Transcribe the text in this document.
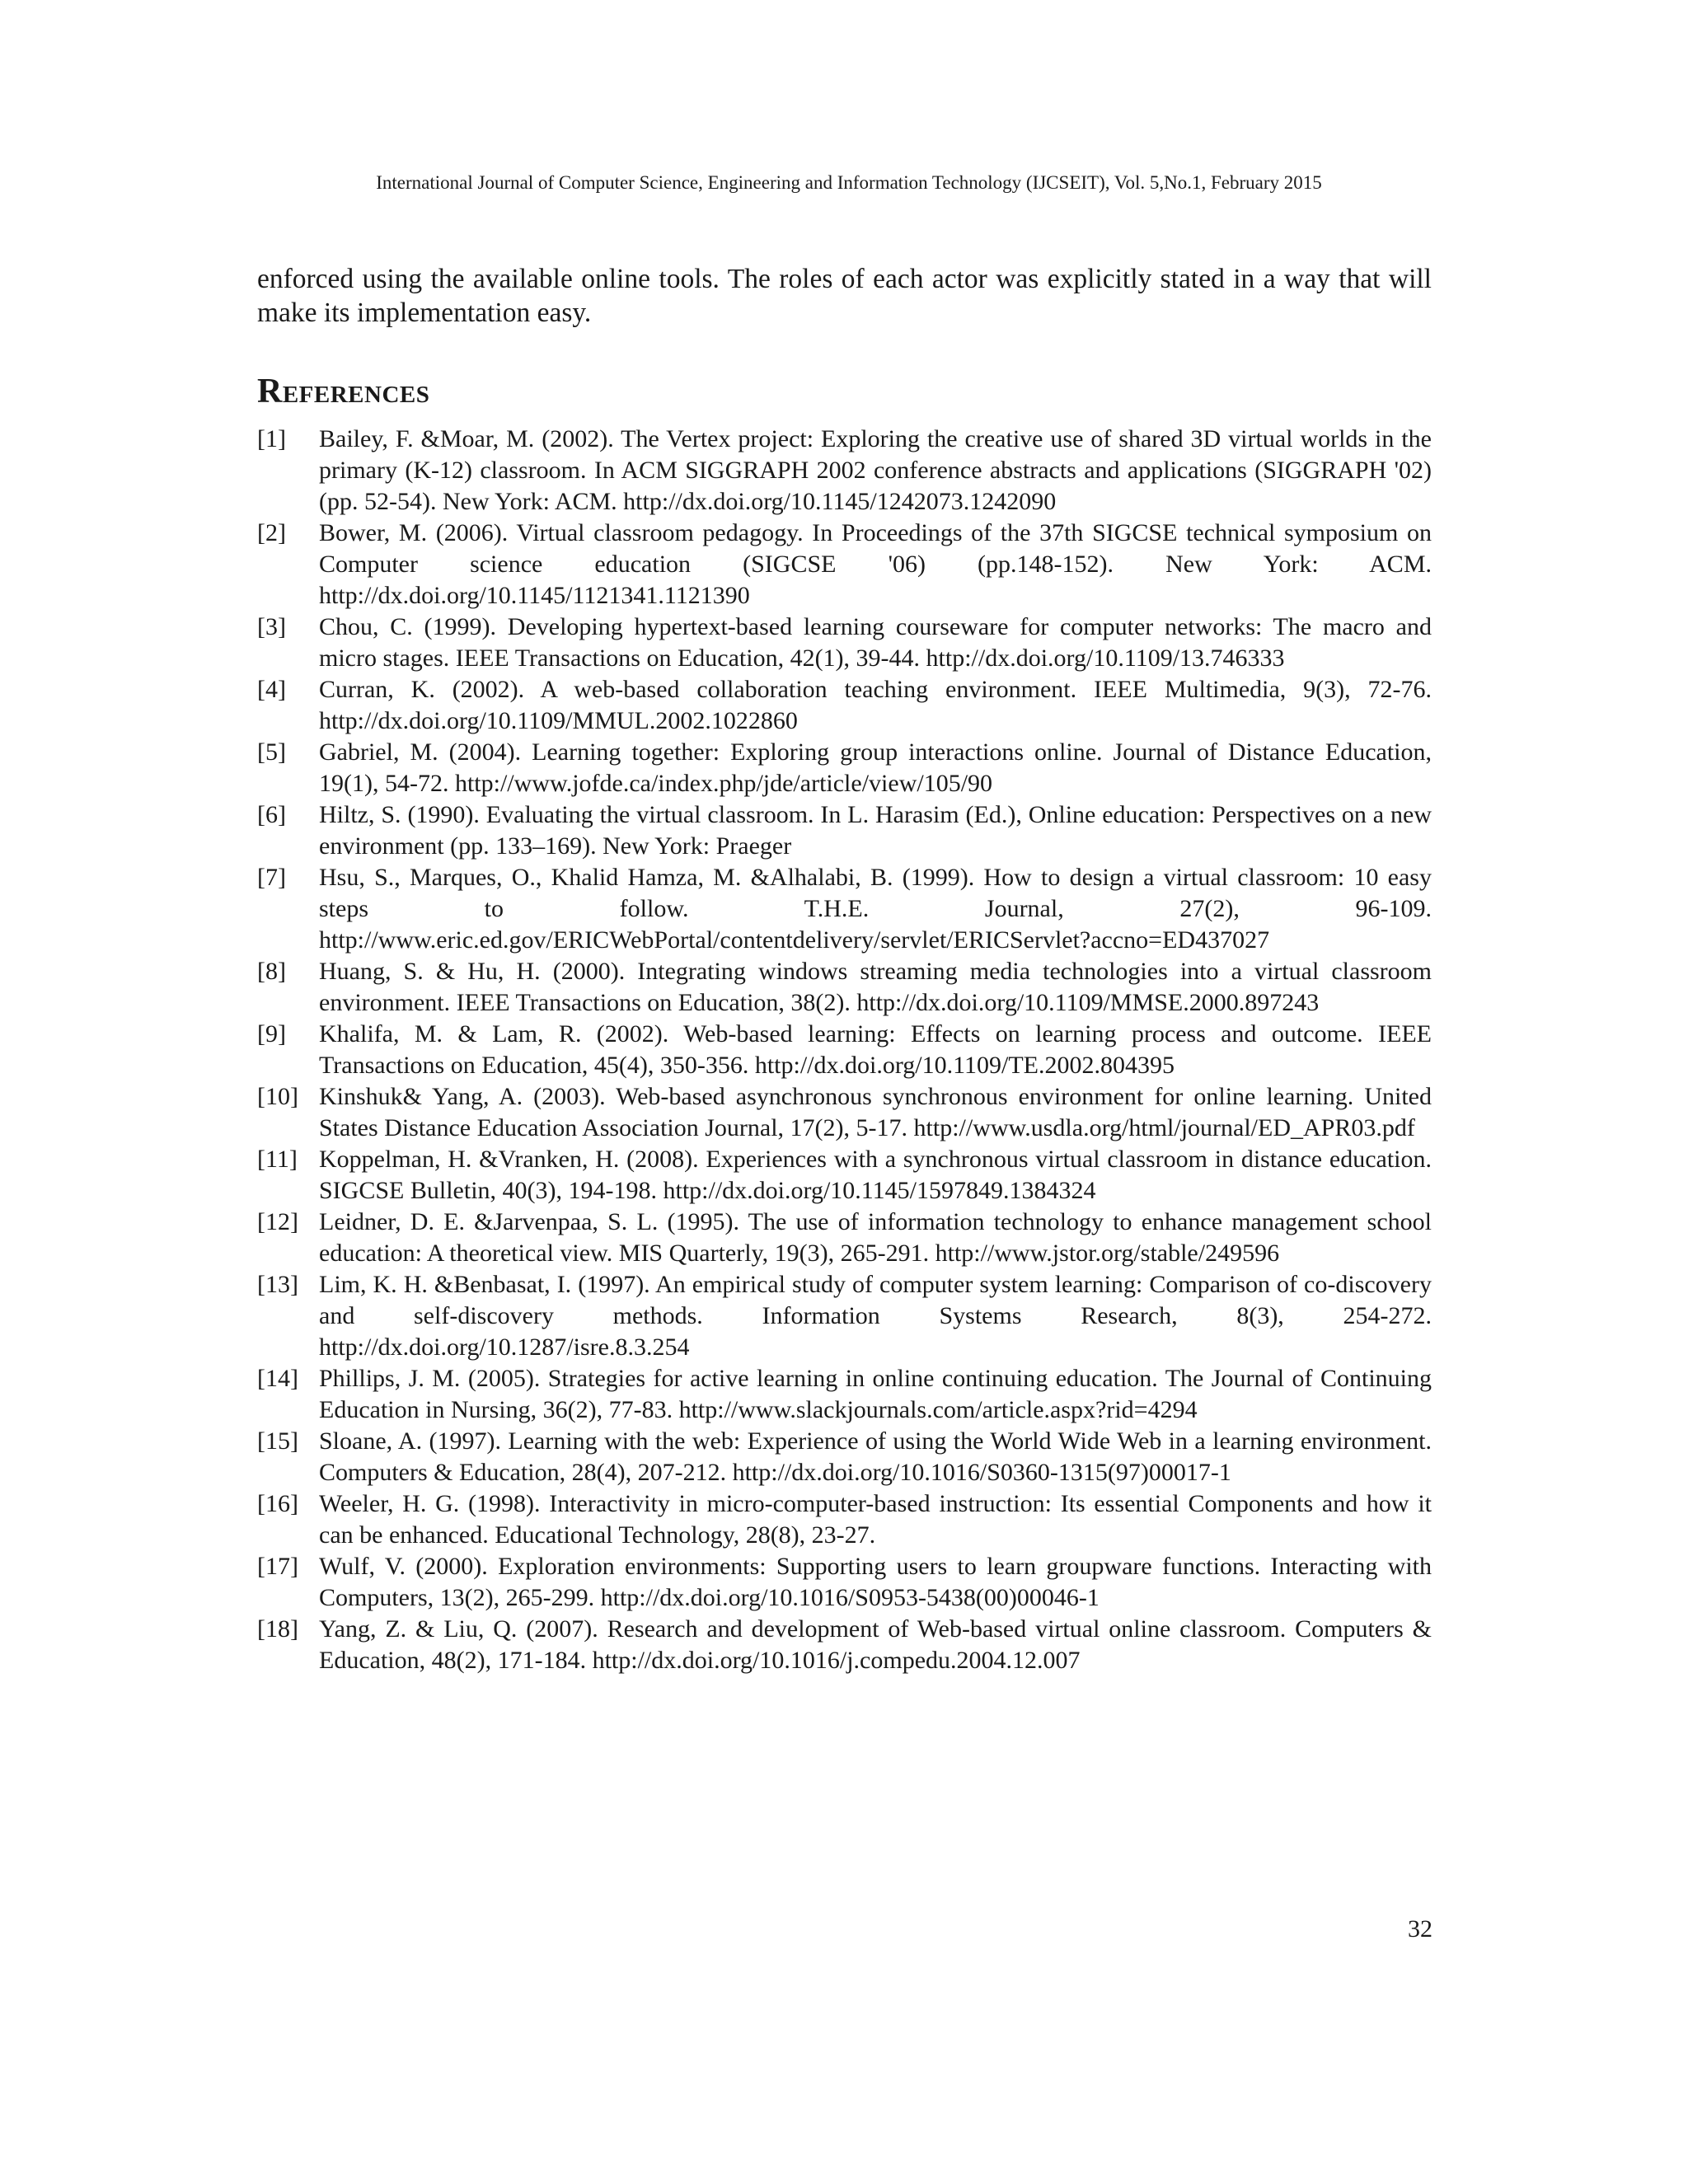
International Journal of Computer Science, Engineering and Information Technology (IJCSEIT), Vol. 5,No.1, February 2015

enforced using the available online tools. The roles of each actor was explicitly stated in a way that will make its implementation easy.

References
[1]	Bailey, F. &Moar, M. (2002). The Vertex project: Exploring the creative use of shared 3D virtual worlds in the primary (K-12) classroom. In ACM SIGGRAPH 2002 conference abstracts and applications (SIGGRAPH '02) (pp. 52-54). New York: ACM. http://dx.doi.org/10.1145/1242073.1242090
[2]	Bower, M. (2006). Virtual classroom pedagogy. In Proceedings of the 37th SIGCSE technical symposium on Computer science education (SIGCSE '06) (pp.148-152). New York: ACM. http://dx.doi.org/10.1145/1121341.1121390
[3]	Chou, C. (1999). Developing hypertext-based learning courseware for computer networks: The macro and micro stages. IEEE Transactions on Education, 42(1), 39-44. http://dx.doi.org/10.1109/13.746333
[4]	Curran, K. (2002). A web-based collaboration teaching environment. IEEE Multimedia, 9(3), 72-76. http://dx.doi.org/10.1109/MMUL.2002.1022860
[5]	Gabriel, M. (2004). Learning together: Exploring group interactions online. Journal of Distance Education, 19(1), 54-72. http://www.jofde.ca/index.php/jde/article/view/105/90
[6]	Hiltz, S. (1990). Evaluating the virtual classroom. In L. Harasim (Ed.), Online education: Perspectives on a new environment (pp. 133–169). New York: Praeger
[7]	Hsu, S., Marques, O., Khalid Hamza, M. &Alhalabi, B. (1999). How to design a virtual classroom: 10 easy steps to follow. T.H.E. Journal, 27(2), 96-109. http://www.eric.ed.gov/ERICWebPortal/contentdelivery/servlet/ERICServlet?accno=ED437027
[8]	Huang, S. & Hu, H. (2000). Integrating windows streaming media technologies into a virtual classroom environment. IEEE Transactions on Education, 38(2). http://dx.doi.org/10.1109/MMSE.2000.897243
[9]	Khalifa, M. & Lam, R. (2002). Web-based learning: Effects on learning process and outcome. IEEE Transactions on Education, 45(4), 350-356. http://dx.doi.org/10.1109/TE.2002.804395
[10] Kinshuk& Yang, A. (2003). Web-based asynchronous synchronous environment for online learning. United States Distance Education Association Journal, 17(2), 5-17. http://www.usdla.org/html/journal/ED_APR03.pdf
[11] Koppelman, H. &Vranken, H. (2008). Experiences with a synchronous virtual classroom in distance education. SIGCSE Bulletin, 40(3), 194-198. http://dx.doi.org/10.1145/1597849.1384324
[12] Leidner, D. E. &Jarvenpaa, S. L. (1995). The use of information technology to enhance management school education: A theoretical view. MIS Quarterly, 19(3), 265-291. http://www.jstor.org/stable/249596
[13] Lim, K. H. &Benbasat, I. (1997). An empirical study of computer system learning: Comparison of co-discovery and self-discovery methods. Information Systems Research, 8(3), 254-272. http://dx.doi.org/10.1287/isre.8.3.254
[14] Phillips, J. M. (2005). Strategies for active learning in online continuing education. The Journal of Continuing Education in Nursing, 36(2), 77-83. http://www.slackjournals.com/article.aspx?rid=4294
[15] Sloane, A. (1997). Learning with the web: Experience of using the World Wide Web in a learning environment. Computers & Education, 28(4), 207-212. http://dx.doi.org/10.1016/S0360-1315(97)00017-1
[16] Weeler, H. G. (1998). Interactivity in micro-computer-based instruction: Its essential Components and how it can be enhanced. Educational Technology, 28(8), 23-27.
[17] Wulf, V. (2000). Exploration environments: Supporting users to learn groupware functions. Interacting with Computers, 13(2), 265-299. http://dx.doi.org/10.1016/S0953-5438(00)00046-1
[18] Yang, Z. & Liu, Q. (2007). Research and development of Web-based virtual online classroom. Computers & Education, 48(2), 171-184. http://dx.doi.org/10.1016/j.compedu.2004.12.007
32
